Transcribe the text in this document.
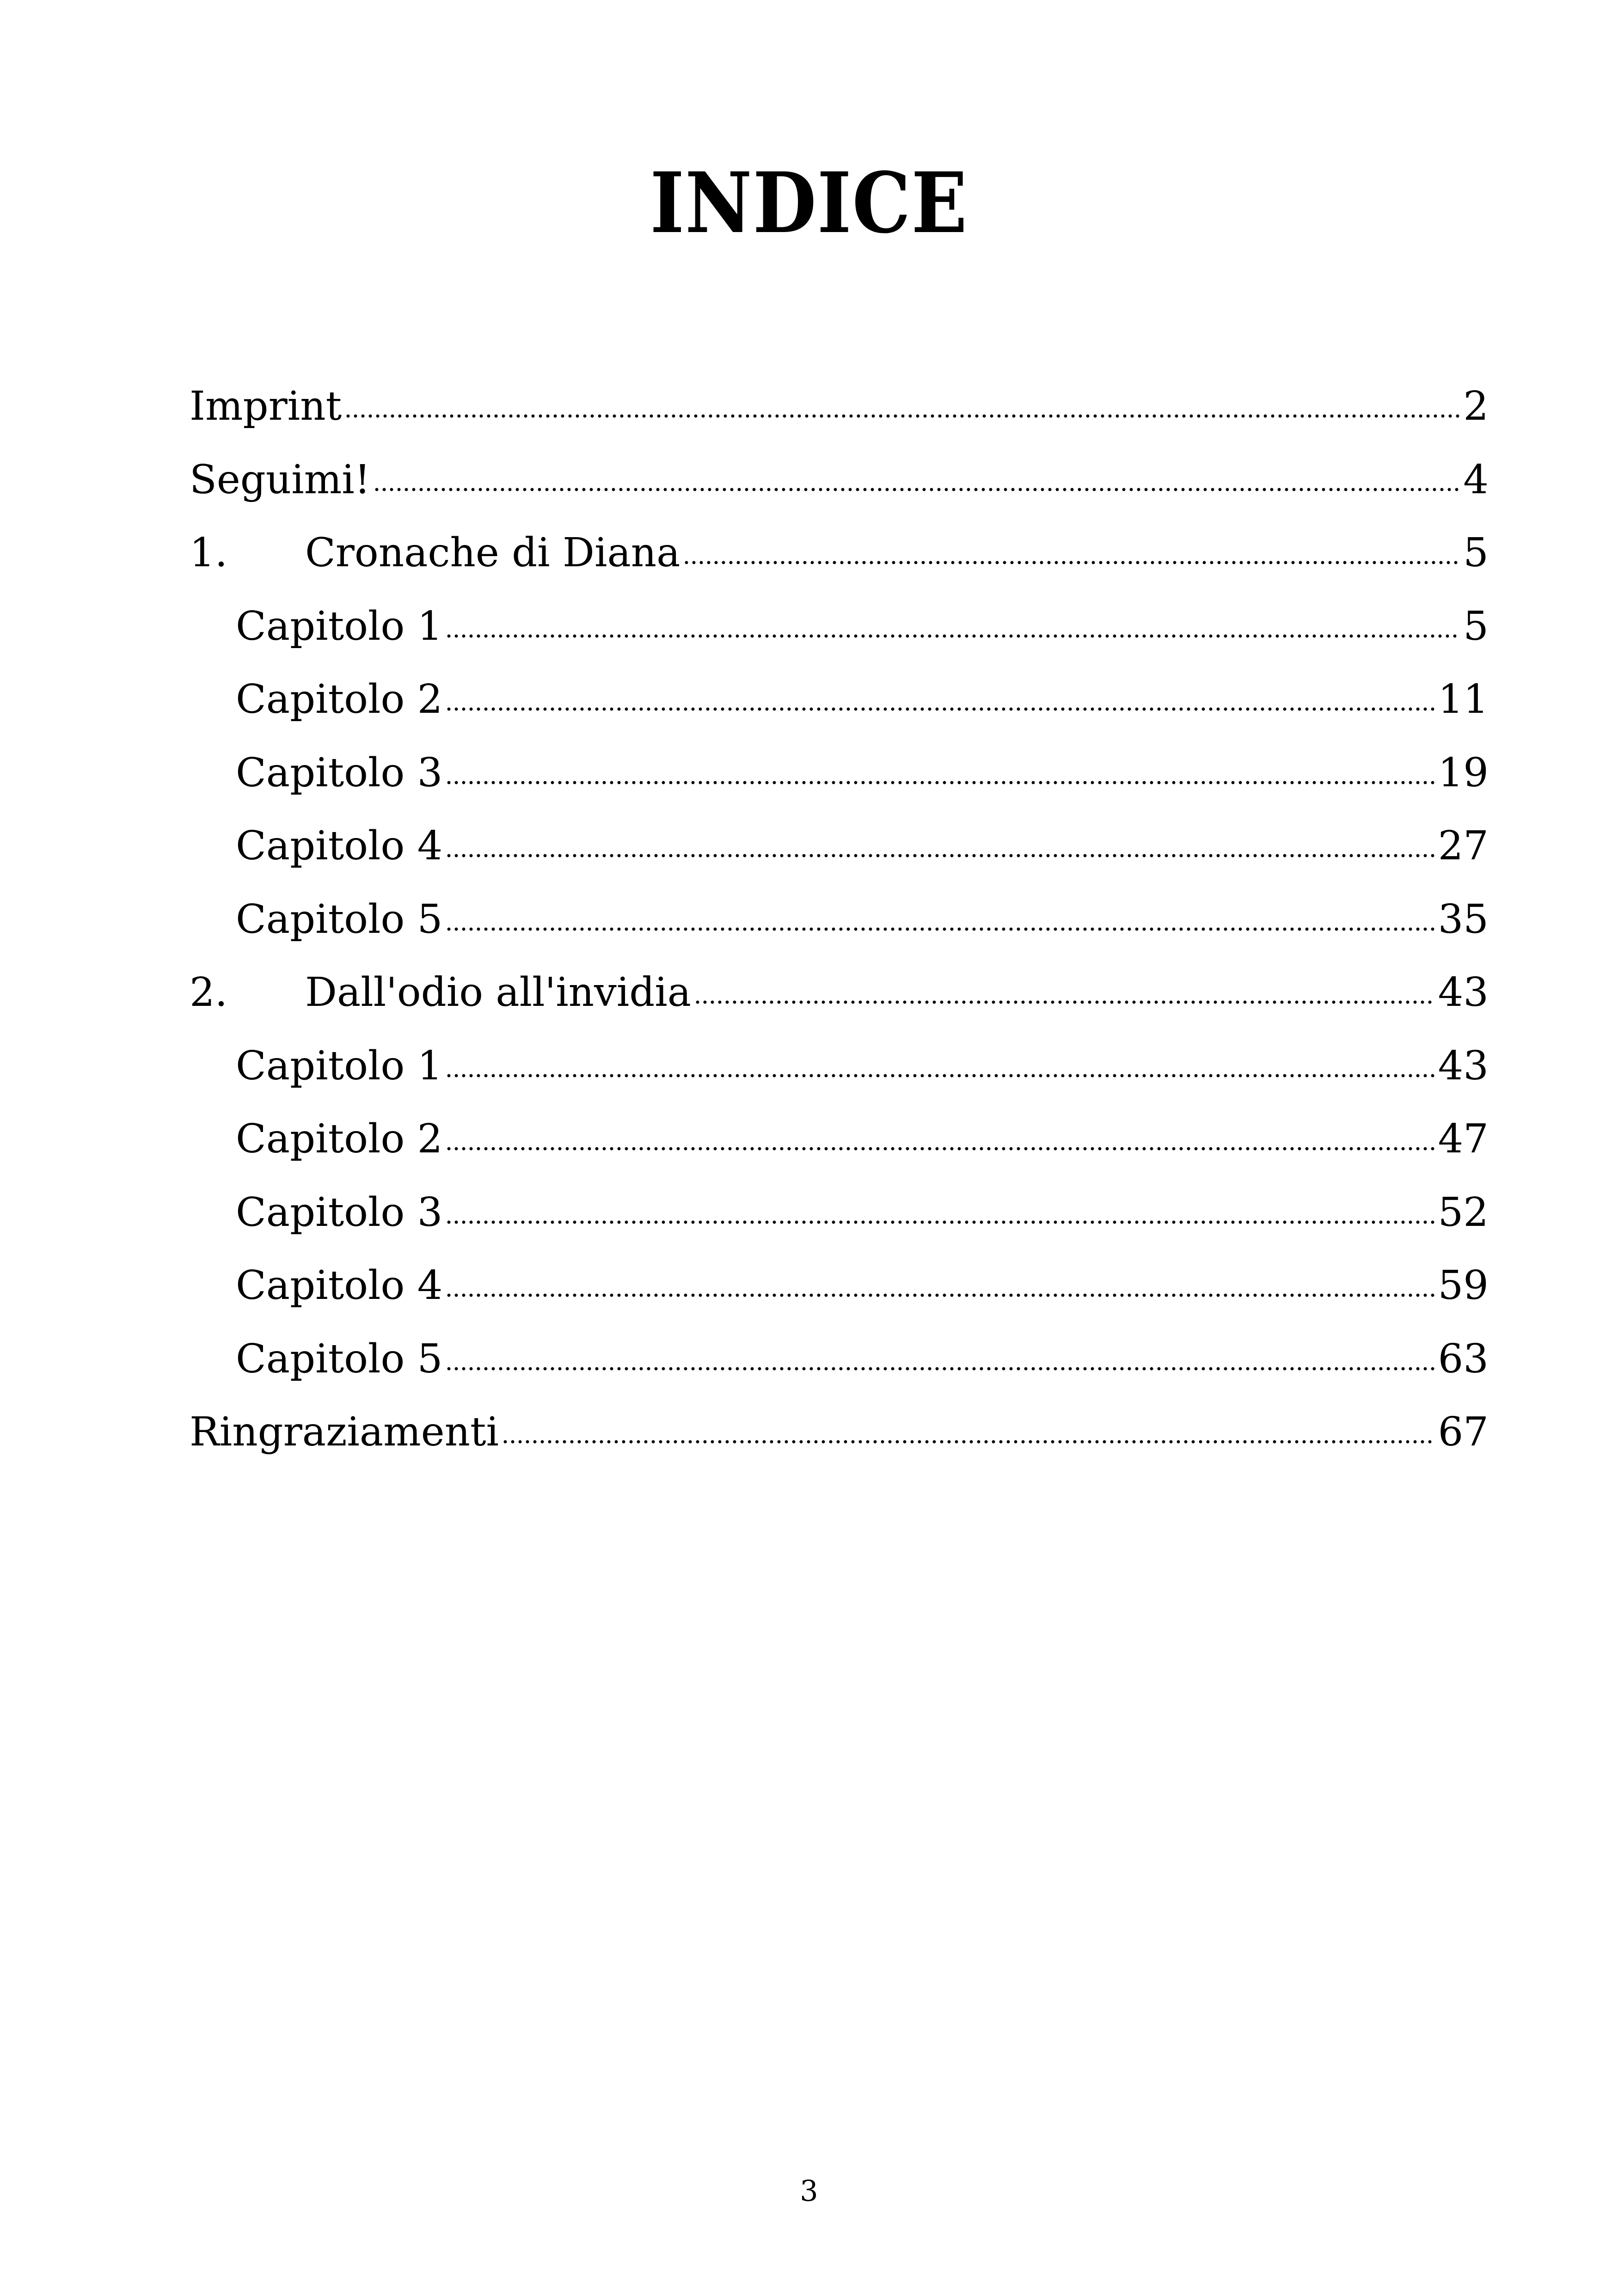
INDICE
Imprint	2
Seguimi!	4
1.	Cronache di Diana	5
Capitolo 1	5
Capitolo 2	11
Capitolo 3	19
Capitolo 4	27
Capitolo 5	35
2.	Dall'odio all'invidia	43
Capitolo 1	43
Capitolo 2	47
Capitolo 3	52
Capitolo 4	59
Capitolo 5	63
Ringraziamenti	67
3
